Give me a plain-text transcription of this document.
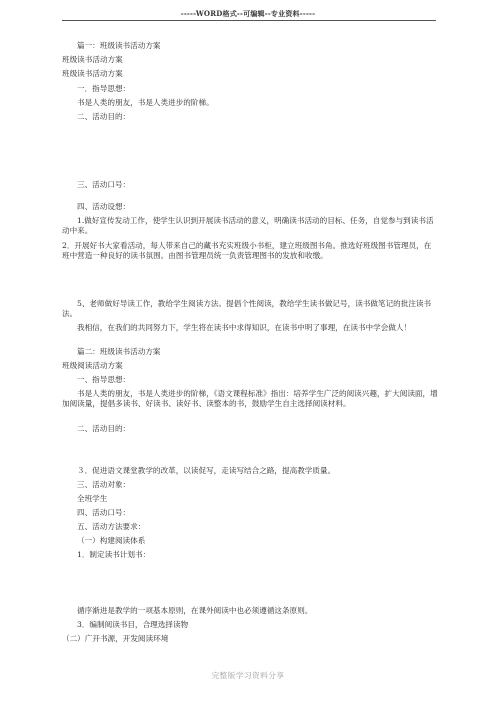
-----WORD格式--可编辑--专业资料-----
篇一：班级读书活动方案
班级读书活动方案
班级读书活动方案
一．指导思想：
书是人类的朋友，书是人类进步的阶梯。
二、活动目的：
三、活动口号：
四、活动设想：
1.做好宣传发动工作，使学生认识到开展读书活动的意义，明确读书活动的目标、任务，自觉参与到读书活动中来。
2．开展好书大家看活动，每人带来自己的藏书充实班级小书柜，建立班级图书角。推选好班级图书管理员，在班中营造一种良好的读书氛围。由图书管理员统一负责管理图书的发放和收缴。
5、老师做好导读工作，教给学生阅读方法。提倡个性阅读，教给学生读书做记号，读书做笔记的批注读书法。
我相信，在我们的共同努力下，学生将在读书中求得知识，在读书中明了事理，在读书中学会做人！
篇二：班级读书活动方案
班级阅读活动方案
一、指导思想：
书是人类的朋友，书是人类进步的阶梯，《语文课程标准》指出：培养学生广泛的阅读兴趣，扩大阅读面，增加阅读量，提倡多读书、好读书、读好书、读整本的书，鼓励学生自主选择阅读材料。
二、活动目的：
３．促进语文课堂教学的改革，以读促写，走读写结合之路，提高教学质量。
三、活动对象：
全班学生
四、活动口号：
五、活动方法要求：
（一）构建阅读体系
1．制定读书计划书：
循序渐进是教学的一项基本原则，在课外阅读中也必须遵循这条原则。
3．编制阅读书目，合理选择读物
（二）广开书源，开发阅读环境
完整版学习资料分享
